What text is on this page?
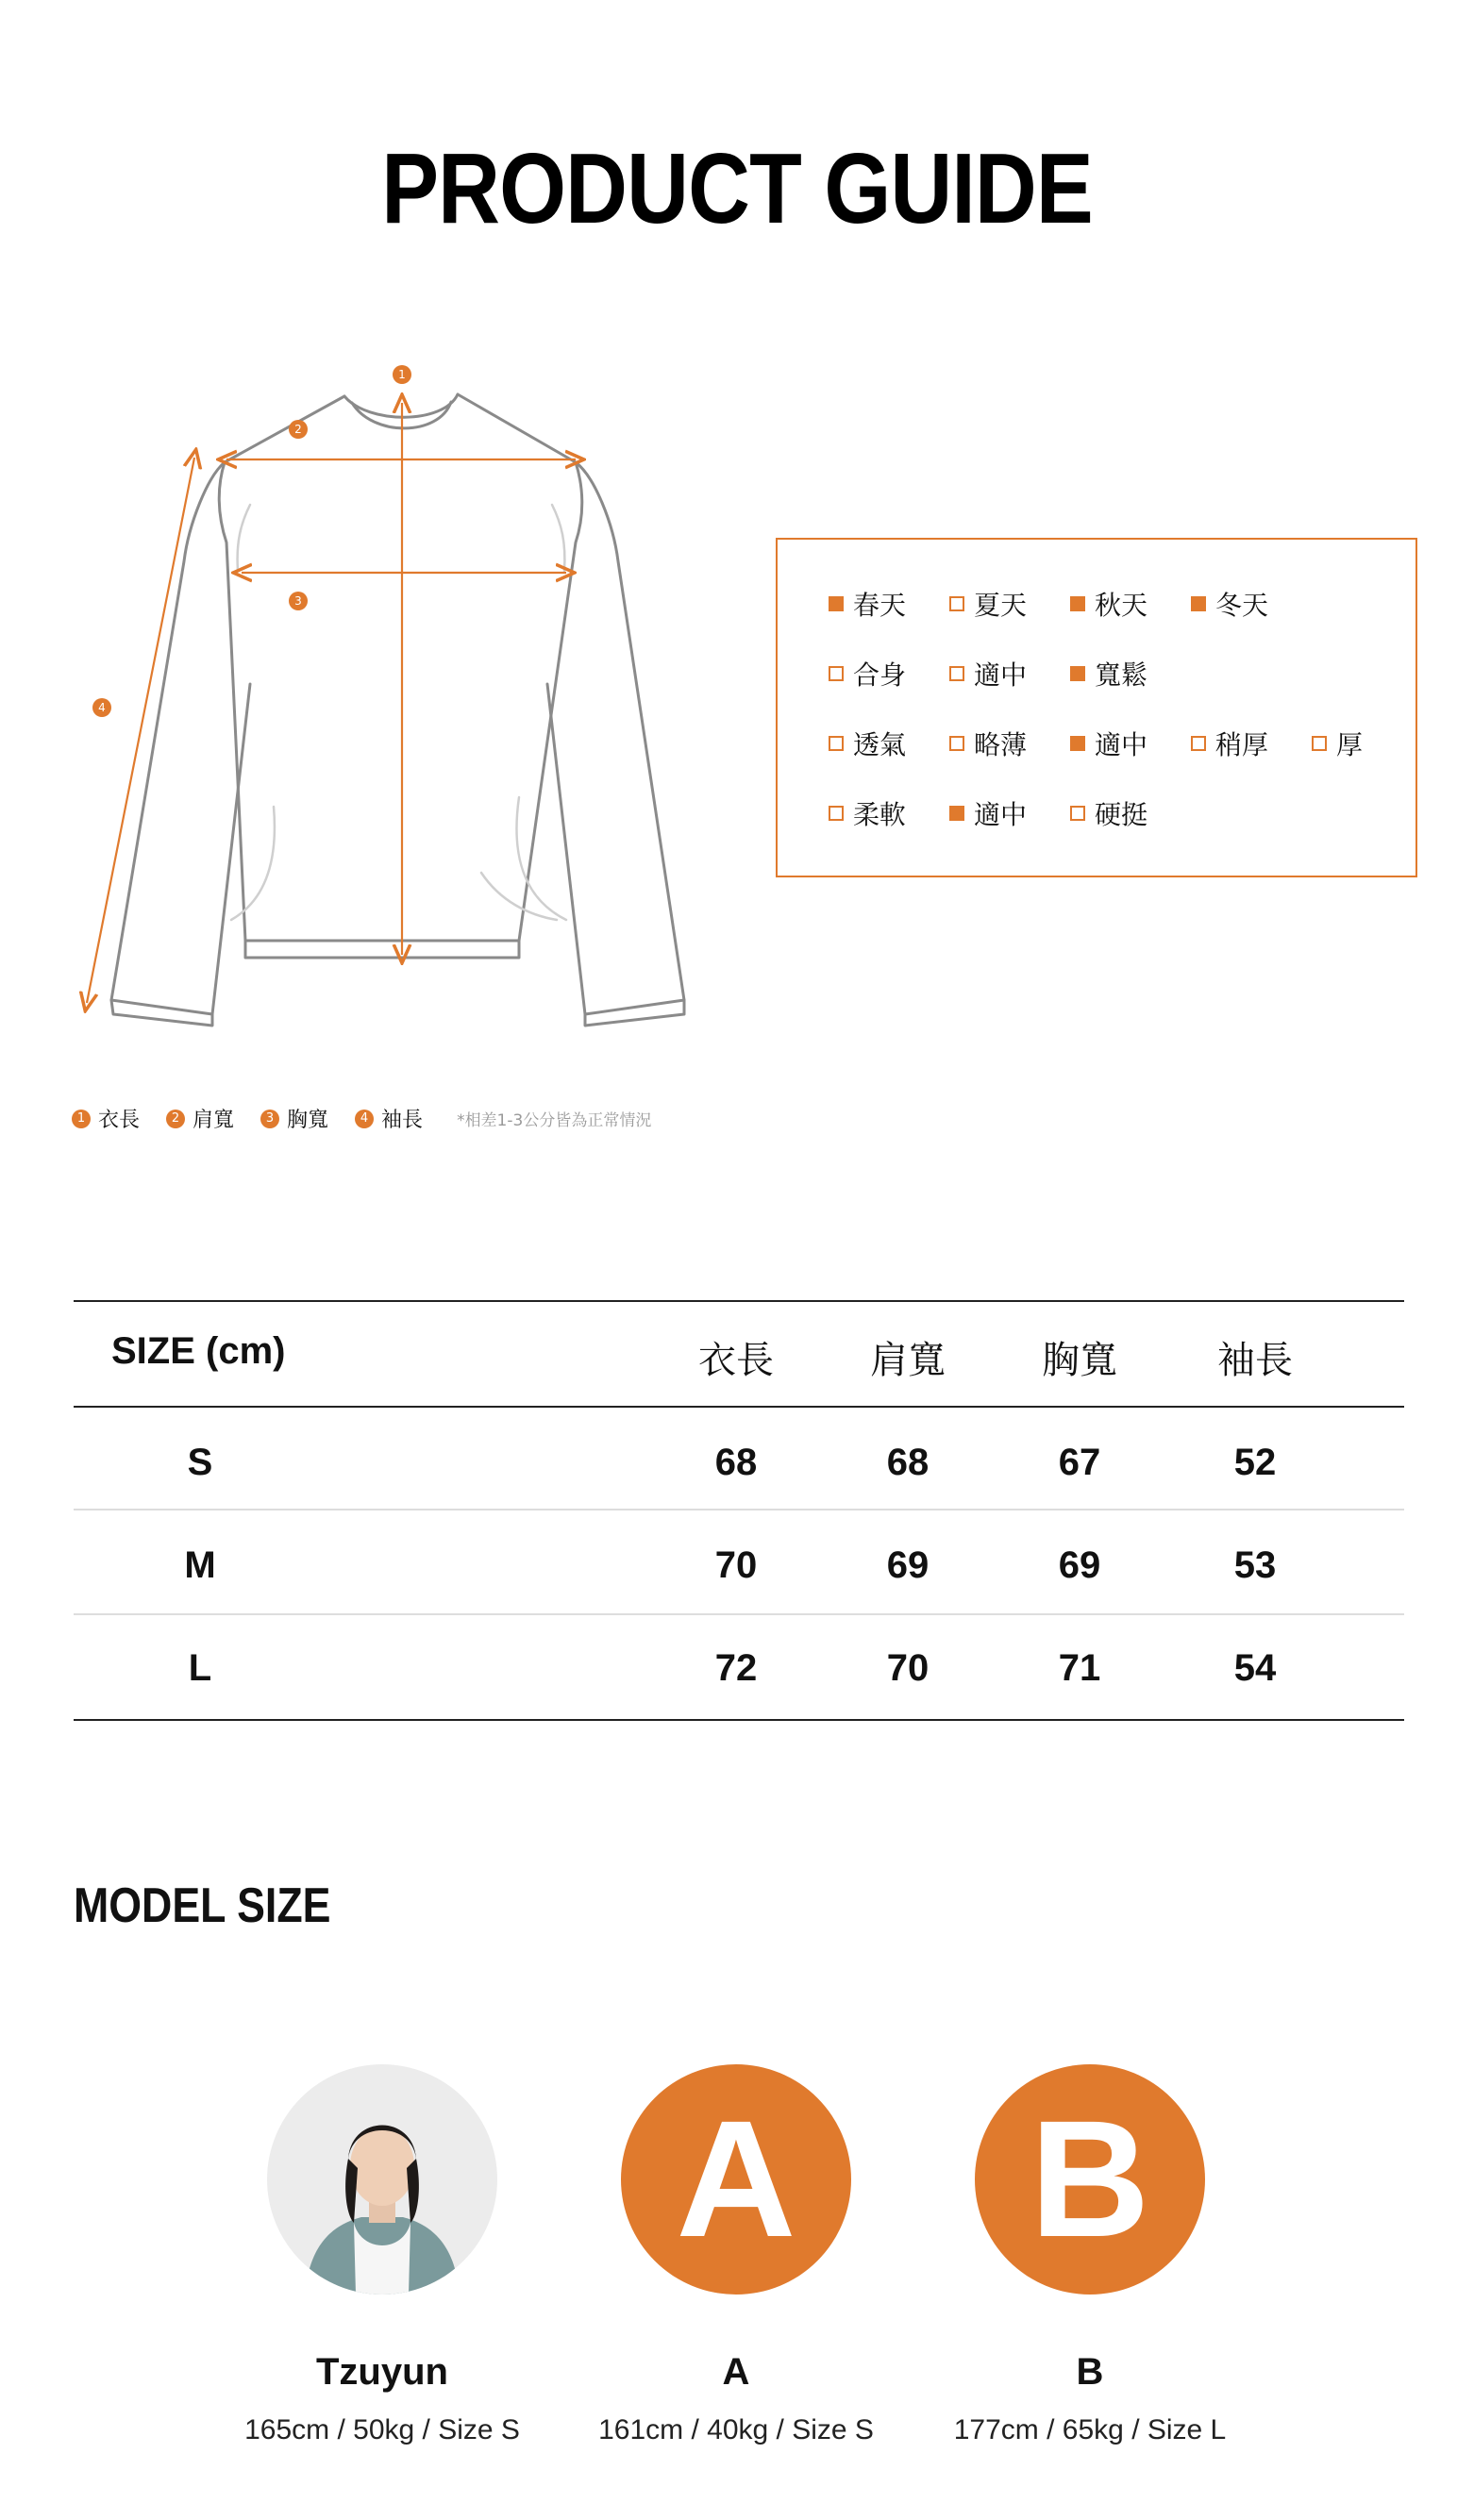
PRODUCT GUIDE
1
2
3
4
1 衣長	2 肩寬	3 胸寬	4 袖長 *相差1-3公分皆為正常情況
春天	夏天	秋天	冬天
合身	適中	寬鬆
透氣	略薄	適中	稍厚	厚
柔軟	適中	硬挺
SIZE (cm)	衣長	肩寬	胸寬	袖長
S	68	68	67	52
M	70	69	69	53
L	72	70	71	54
MODEL SIZE
Tzuyun
165cm / 50kg / Size S
A
A
161cm / 40kg / Size S
B
B
177cm / 65kg / Size L
